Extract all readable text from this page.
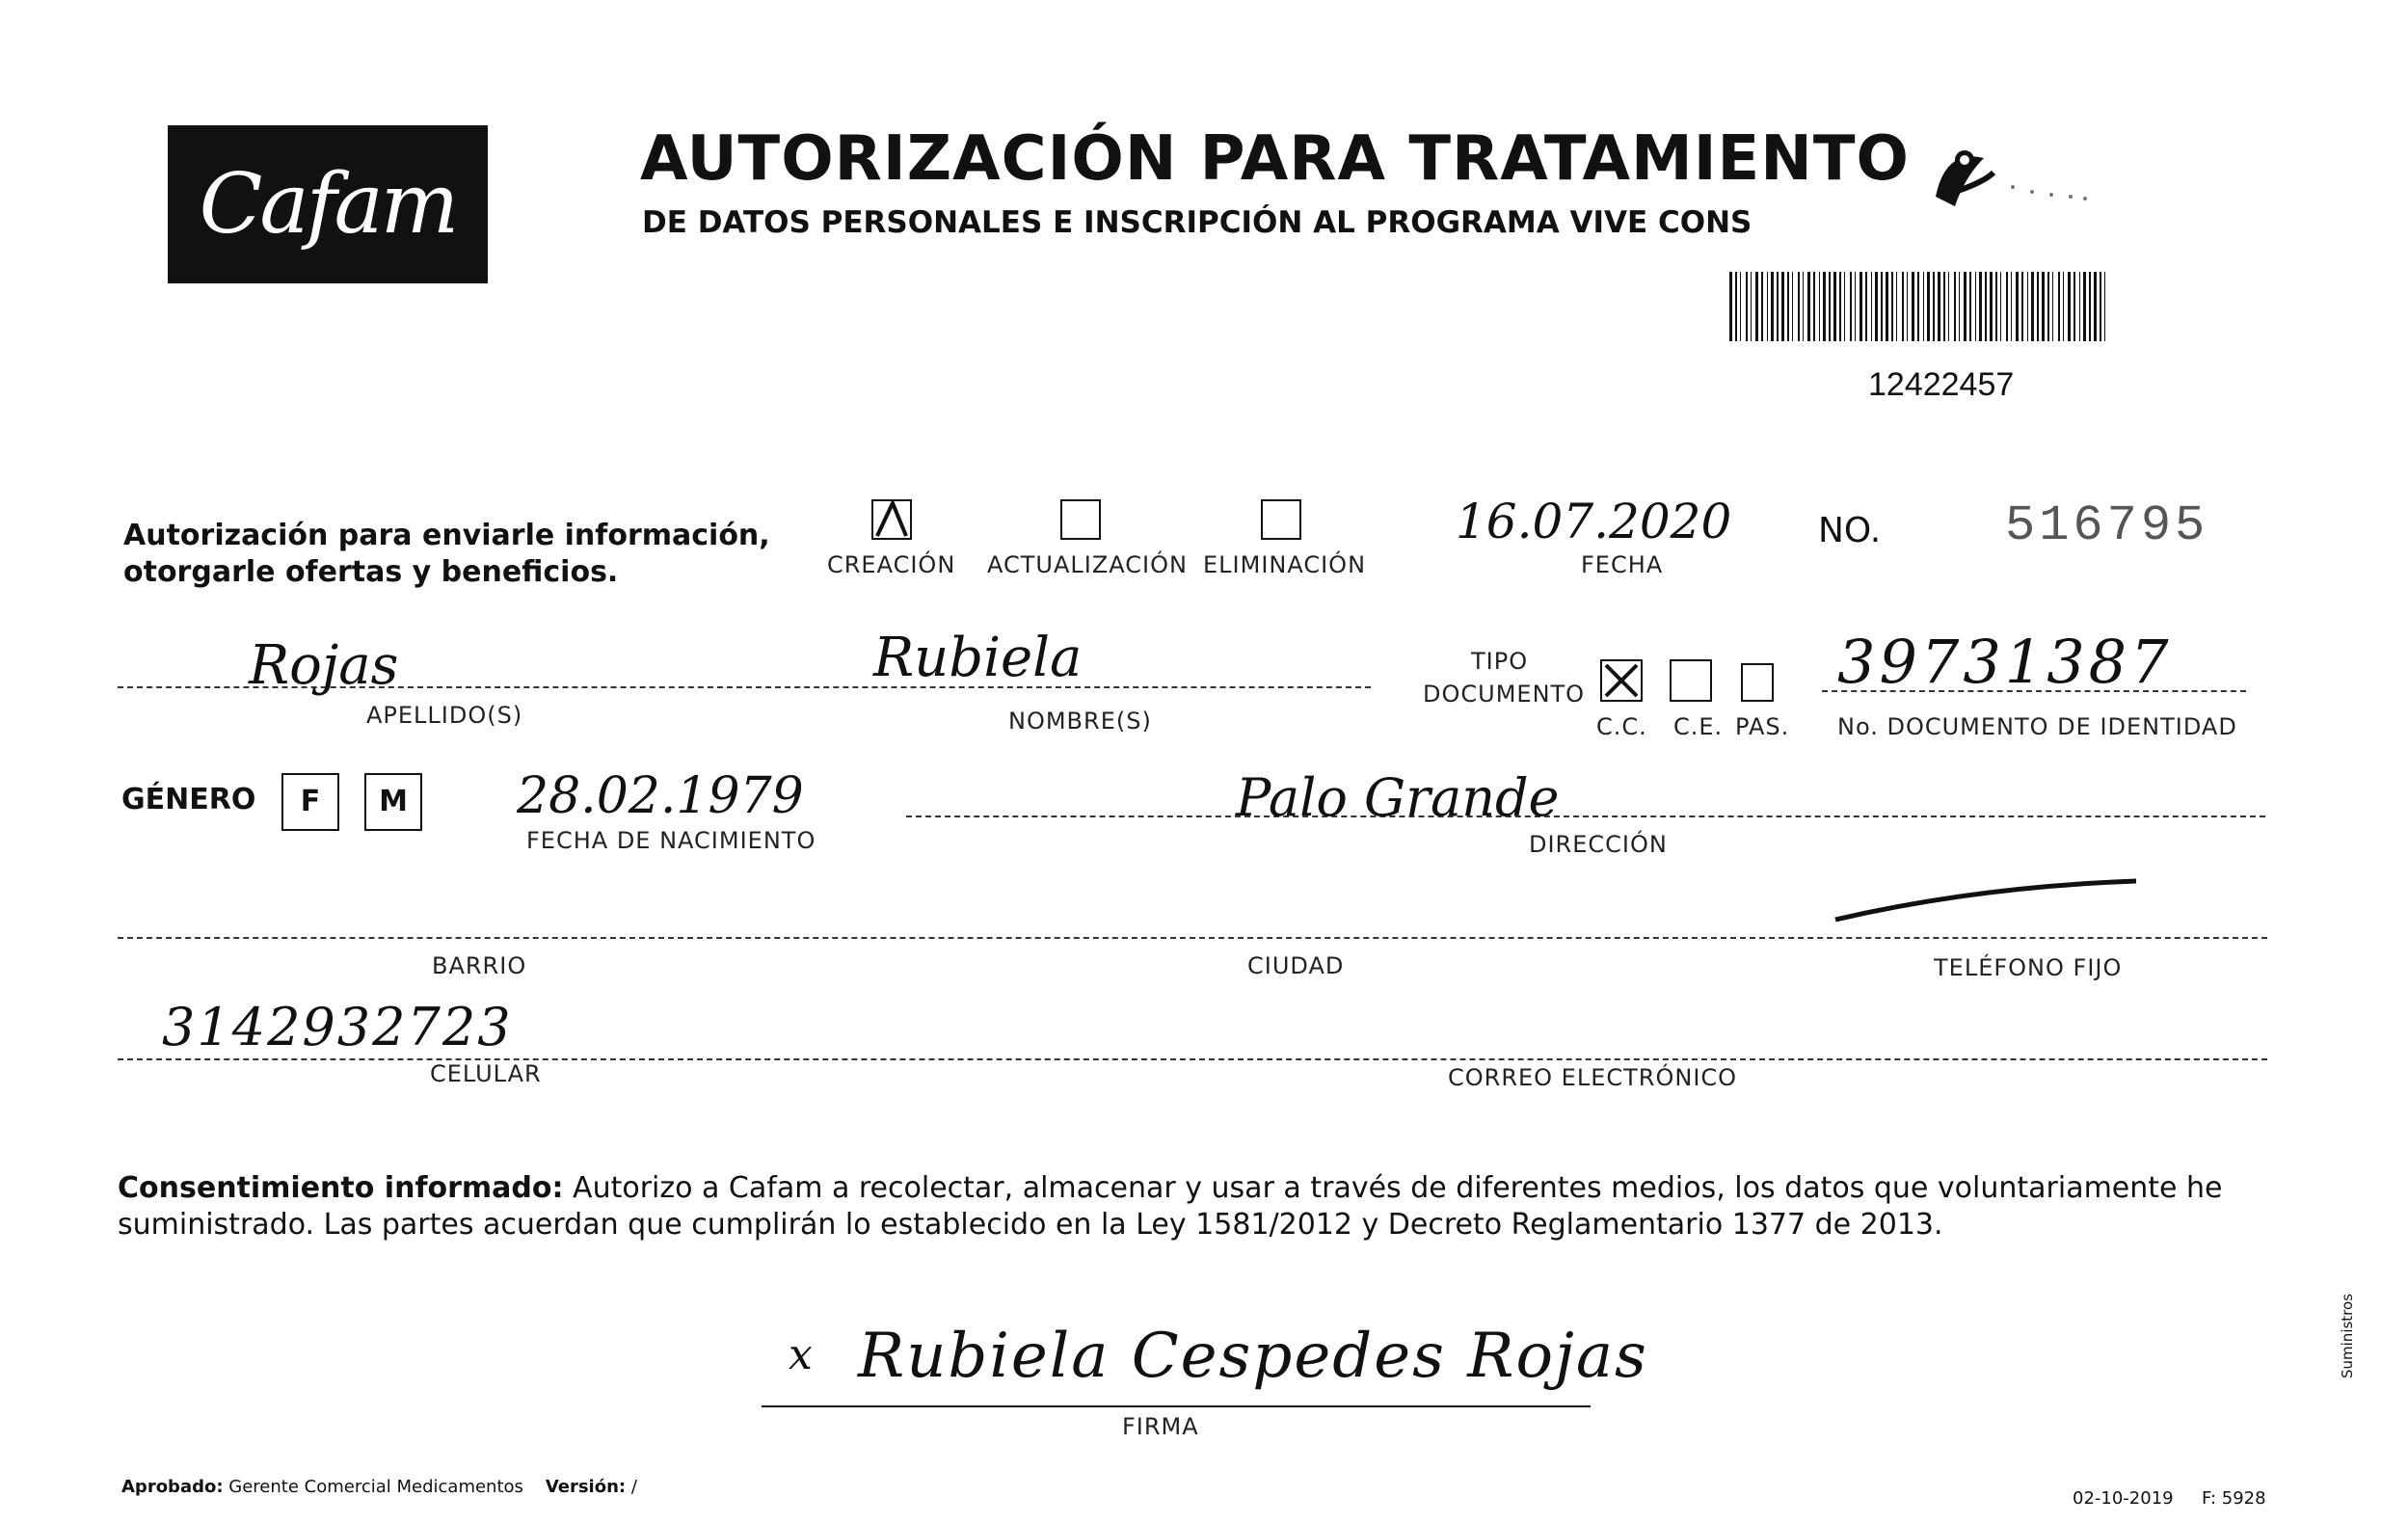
Cafam	AUTORIZACIÓN PARA TRATAMIENTO
DE DATOS PERSONALES E INSCRIPCIÓN AL PROGRAMA VIVE CONS
12422457
Autorización para enviarle información,
otorgarle ofertas y beneficios.	CREACIÓN ACTUALIZACIÓN ELIMINACIÓN
16.07.2020
FECHA
NO. 516795
Rojas
APELLIDO(S)
Rubiela
NOMBRE(S)
TIPO
DOCUMENTO
C.C. C.E. PAS.
39731387
No. DOCUMENTO DE IDENTIDAD
GÉNERO	F	M 28.02.1979
FECHA DE NACIMIENTO
Palo Grande
DIRECCIÓN
BARRIO	CIUDAD	TELÉFONO FIJO
3142932723
CELULAR	CORREO ELECTRÓNICO
Consentimiento informado: Autorizo a Cafam a recolectar, almacenar y usar a través de diferentes medios, los datos que voluntariamente he suministrado. Las partes acuerdan que cumplirán lo establecido en la Ley 1581/2012 y Decreto Reglamentario 1377 de 2013.
x Rubiela Cespedes Rojas
FIRMA
Aprobado: Gerente Comercial Medicamentos Versión: /
02-10-2019 F: 5928
Suministros
